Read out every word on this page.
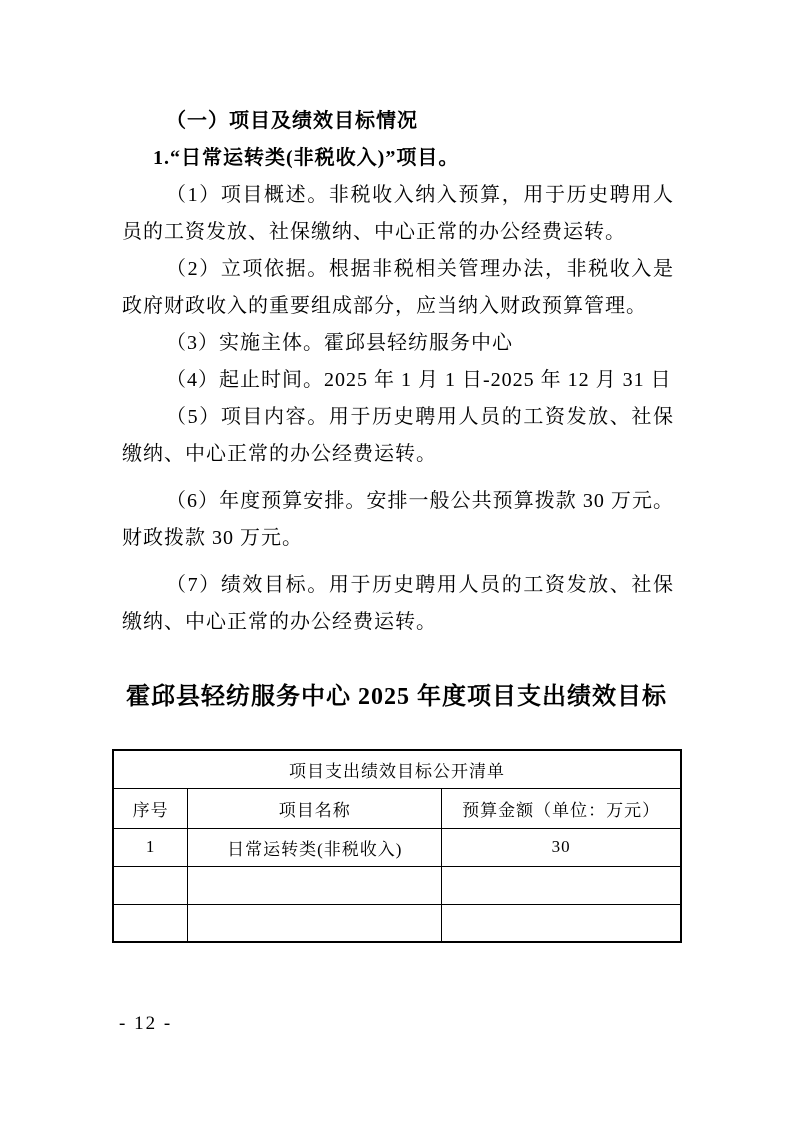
（一）项目及绩效目标情况
1.“日常运转类(非税收入)”项目。
（1）项目概述。非税收入纳入预算，用于历史聘用人
员的工资发放、社保缴纳、中心正常的办公经费运转。
（2）立项依据。根据非税相关管理办法，非税收入是
政府财政收入的重要组成部分，应当纳入财政预算管理。
（3）实施主体。霍邱县轻纺服务中心
（4）起止时间。2025 年 1 月 1 日-2025 年 12 月 31 日
（5）项目内容。用于历史聘用人员的工资发放、社保
缴纳、中心正常的办公经费运转。
（6）年度预算安排。安排一般公共预算拨款 30 万元。
财政拨款 30 万元。
（7）绩效目标。用于历史聘用人员的工资发放、社保
缴纳、中心正常的办公经费运转。
霍邱县轻纺服务中心 2025 年度项目支出绩效目标
项目支出绩效目标公开清单		
序号	项目名称	预算金额（单位：万元）
1	日常运转类(非税收入)	30

- 12 -
